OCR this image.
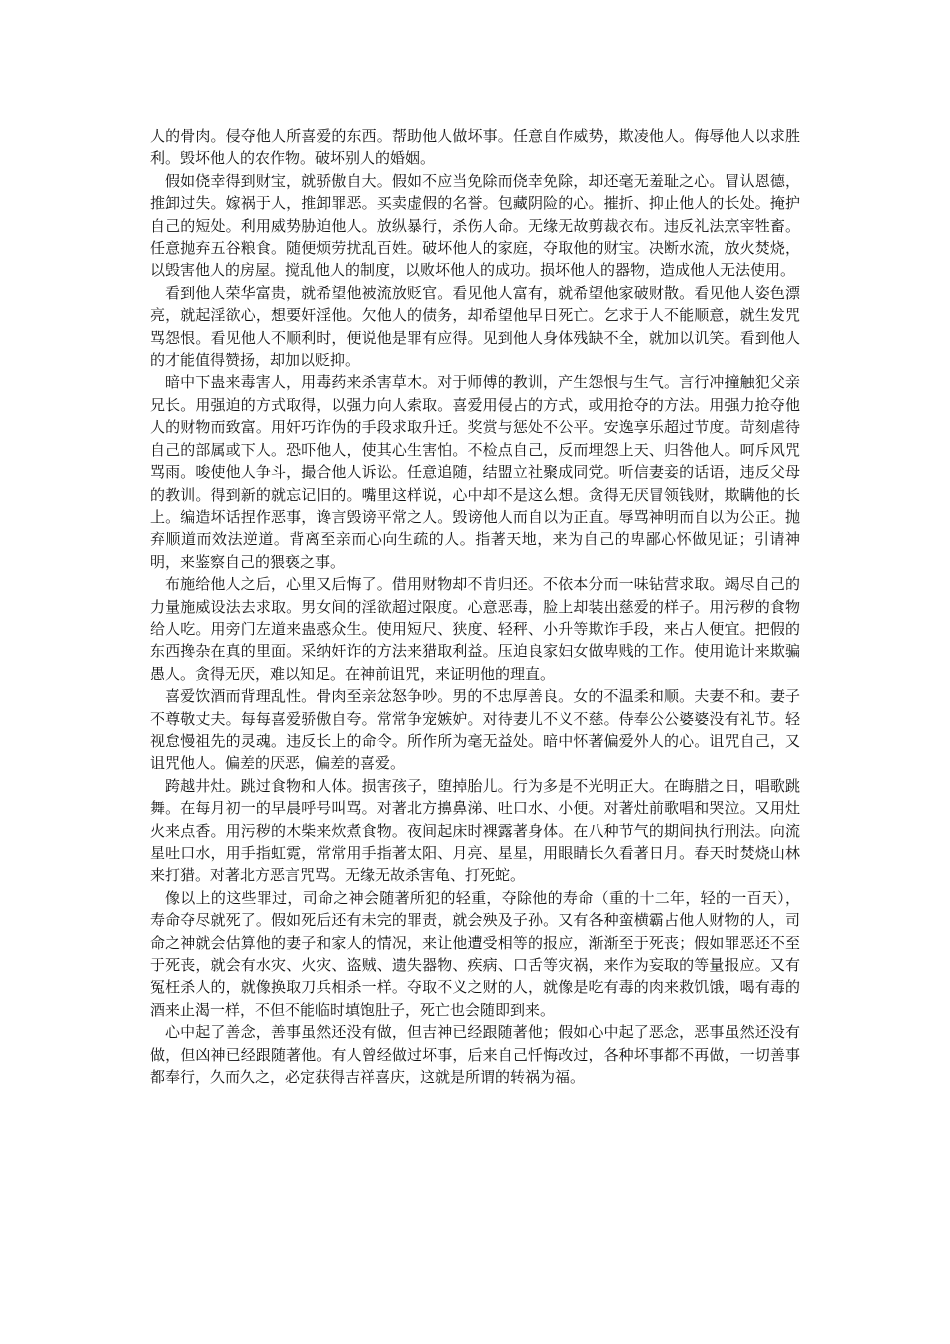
人的骨肉。侵夺他人所喜爱的东西。帮助他人做坏事。任意自作威势，欺凌他人。侮辱他人以求胜利。毁坏他人的农作物。破坏别人的婚姻。

假如侥幸得到财宝，就骄傲自大。假如不应当免除而侥幸免除，却还毫无羞耻之心。冒认恩德，推卸过失。嫁祸于人，推卸罪恶。买卖虚假的名誉。包藏阴险的心。摧折、抑止他人的长处。掩护自己的短处。利用威势胁迫他人。放纵暴行，杀伤人命。无缘无故剪裁衣布。违反礼法烹宰牲畜。任意抛弃五谷粮食。随便烦劳扰乱百姓。破坏他人的家庭，夺取他的财宝。决断水流，放火焚烧，以毁害他人的房屋。搅乱他人的制度，以败坏他人的成功。损坏他人的器物，造成他人无法使用。

看到他人荣华富贵，就希望他被流放贬官。看见他人富有，就希望他家破财散。看见他人姿色漂亮，就起淫欲心，想要奸淫他。欠他人的债务，却希望他早日死亡。乞求于人不能顺意，就生发咒骂怨恨。看见他人不顺利时，便说他是罪有应得。见到他人身体残缺不全，就加以讥笑。看到他人的才能值得赞扬，却加以贬抑。

暗中下蛊来毒害人，用毒药来杀害草木。对于师傅的教训，产生怨恨与生气。言行冲撞触犯父亲兄长。用强迫的方式取得，以强力向人索取。喜爱用侵占的方式，或用抢夺的方法。用强力抢夺他人的财物而致富。用奸巧诈伪的手段求取升迁。奖赏与惩处不公平。安逸享乐超过节度。苛刻虐待自己的部属或下人。恐吓他人，使其心生害怕。不检点自己，反而埋怨上天、归咎他人。呵斥风咒骂雨。唆使他人争斗，撮合他人诉讼。任意追随，结盟立社聚成同党。听信妻妾的话语，违反父母的教训。得到新的就忘记旧的。嘴里这样说，心中却不是这么想。贪得无厌冒领钱财，欺瞒他的长上。编造坏话捏作恶事，谗言毁谤平常之人。毁谤他人而自以为正直。辱骂神明而自以为公正。抛弃顺道而效法逆道。背离至亲而心向生疏的人。指著天地，来为自己的卑鄙心怀做见证；引请神明，来鉴察自己的猥亵之事。

布施给他人之后，心里又后悔了。借用财物却不肯归还。不依本分而一味钻营求取。竭尽自己的力量施威设法去求取。男女间的淫欲超过限度。心意恶毒，脸上却装出慈爱的样子。用污秽的食物给人吃。用旁门左道来蛊惑众生。使用短尺、狭度、轻秤、小升等欺诈手段，来占人便宜。把假的东西搀杂在真的里面。采纳奸诈的方法来猎取利益。压迫良家妇女做卑贱的工作。使用诡计来欺骗愚人。贪得无厌，难以知足。在神前诅咒，来证明他的理直。

喜爱饮酒而背理乱性。骨肉至亲忿怒争吵。男的不忠厚善良。女的不温柔和顺。夫妻不和。妻子不尊敬丈夫。每每喜爱骄傲自夸。常常争宠嫉妒。对待妻儿不义不慈。侍奉公公婆婆没有礼节。轻视怠慢祖先的灵魂。违反长上的命令。所作所为毫无益处。暗中怀著偏爱外人的心。诅咒自己，又诅咒他人。偏差的厌恶，偏差的喜爱。

跨越井灶。跳过食物和人体。损害孩子，堕掉胎儿。行为多是不光明正大。在晦腊之日，唱歌跳舞。在每月初一的早晨呼号叫骂。对著北方擤鼻涕、吐口水、小便。对著灶前歌唱和哭泣。又用灶火来点香。用污秽的木柴来炊煮食物。夜间起床时裸露著身体。在八种节气的期间执行刑法。向流星吐口水，用手指虹霓，常常用手指著太阳、月亮、星星，用眼睛长久看著日月。春天时焚烧山林来打猎。对著北方恶言咒骂。无缘无故杀害龟、打死蛇。

像以上的这些罪过，司命之神会随著所犯的轻重，夺除他的寿命（重的十二年，轻的一百天），寿命夺尽就死了。假如死后还有未完的罪责，就会殃及子孙。又有各种蛮横霸占他人财物的人，司命之神就会估算他的妻子和家人的情况，来让他遭受相等的报应，渐渐至于死丧；假如罪恶还不至于死丧，就会有水灾、火灾、盗贼、遗失器物、疾病、口舌等灾祸，来作为妄取的等量报应。又有冤枉杀人的，就像换取刀兵相杀一样。夺取不义之财的人，就像是吃有毒的肉来救饥饿，喝有毒的酒来止渴一样，不但不能临时填饱肚子，死亡也会随即到来。

心中起了善念，善事虽然还没有做，但吉神已经跟随著他；假如心中起了恶念，恶事虽然还没有做，但凶神已经跟随著他。有人曾经做过坏事，后来自己忏悔改过，各种坏事都不再做，一切善事都奉行，久而久之，必定获得吉祥喜庆，这就是所谓的转祸为福。
